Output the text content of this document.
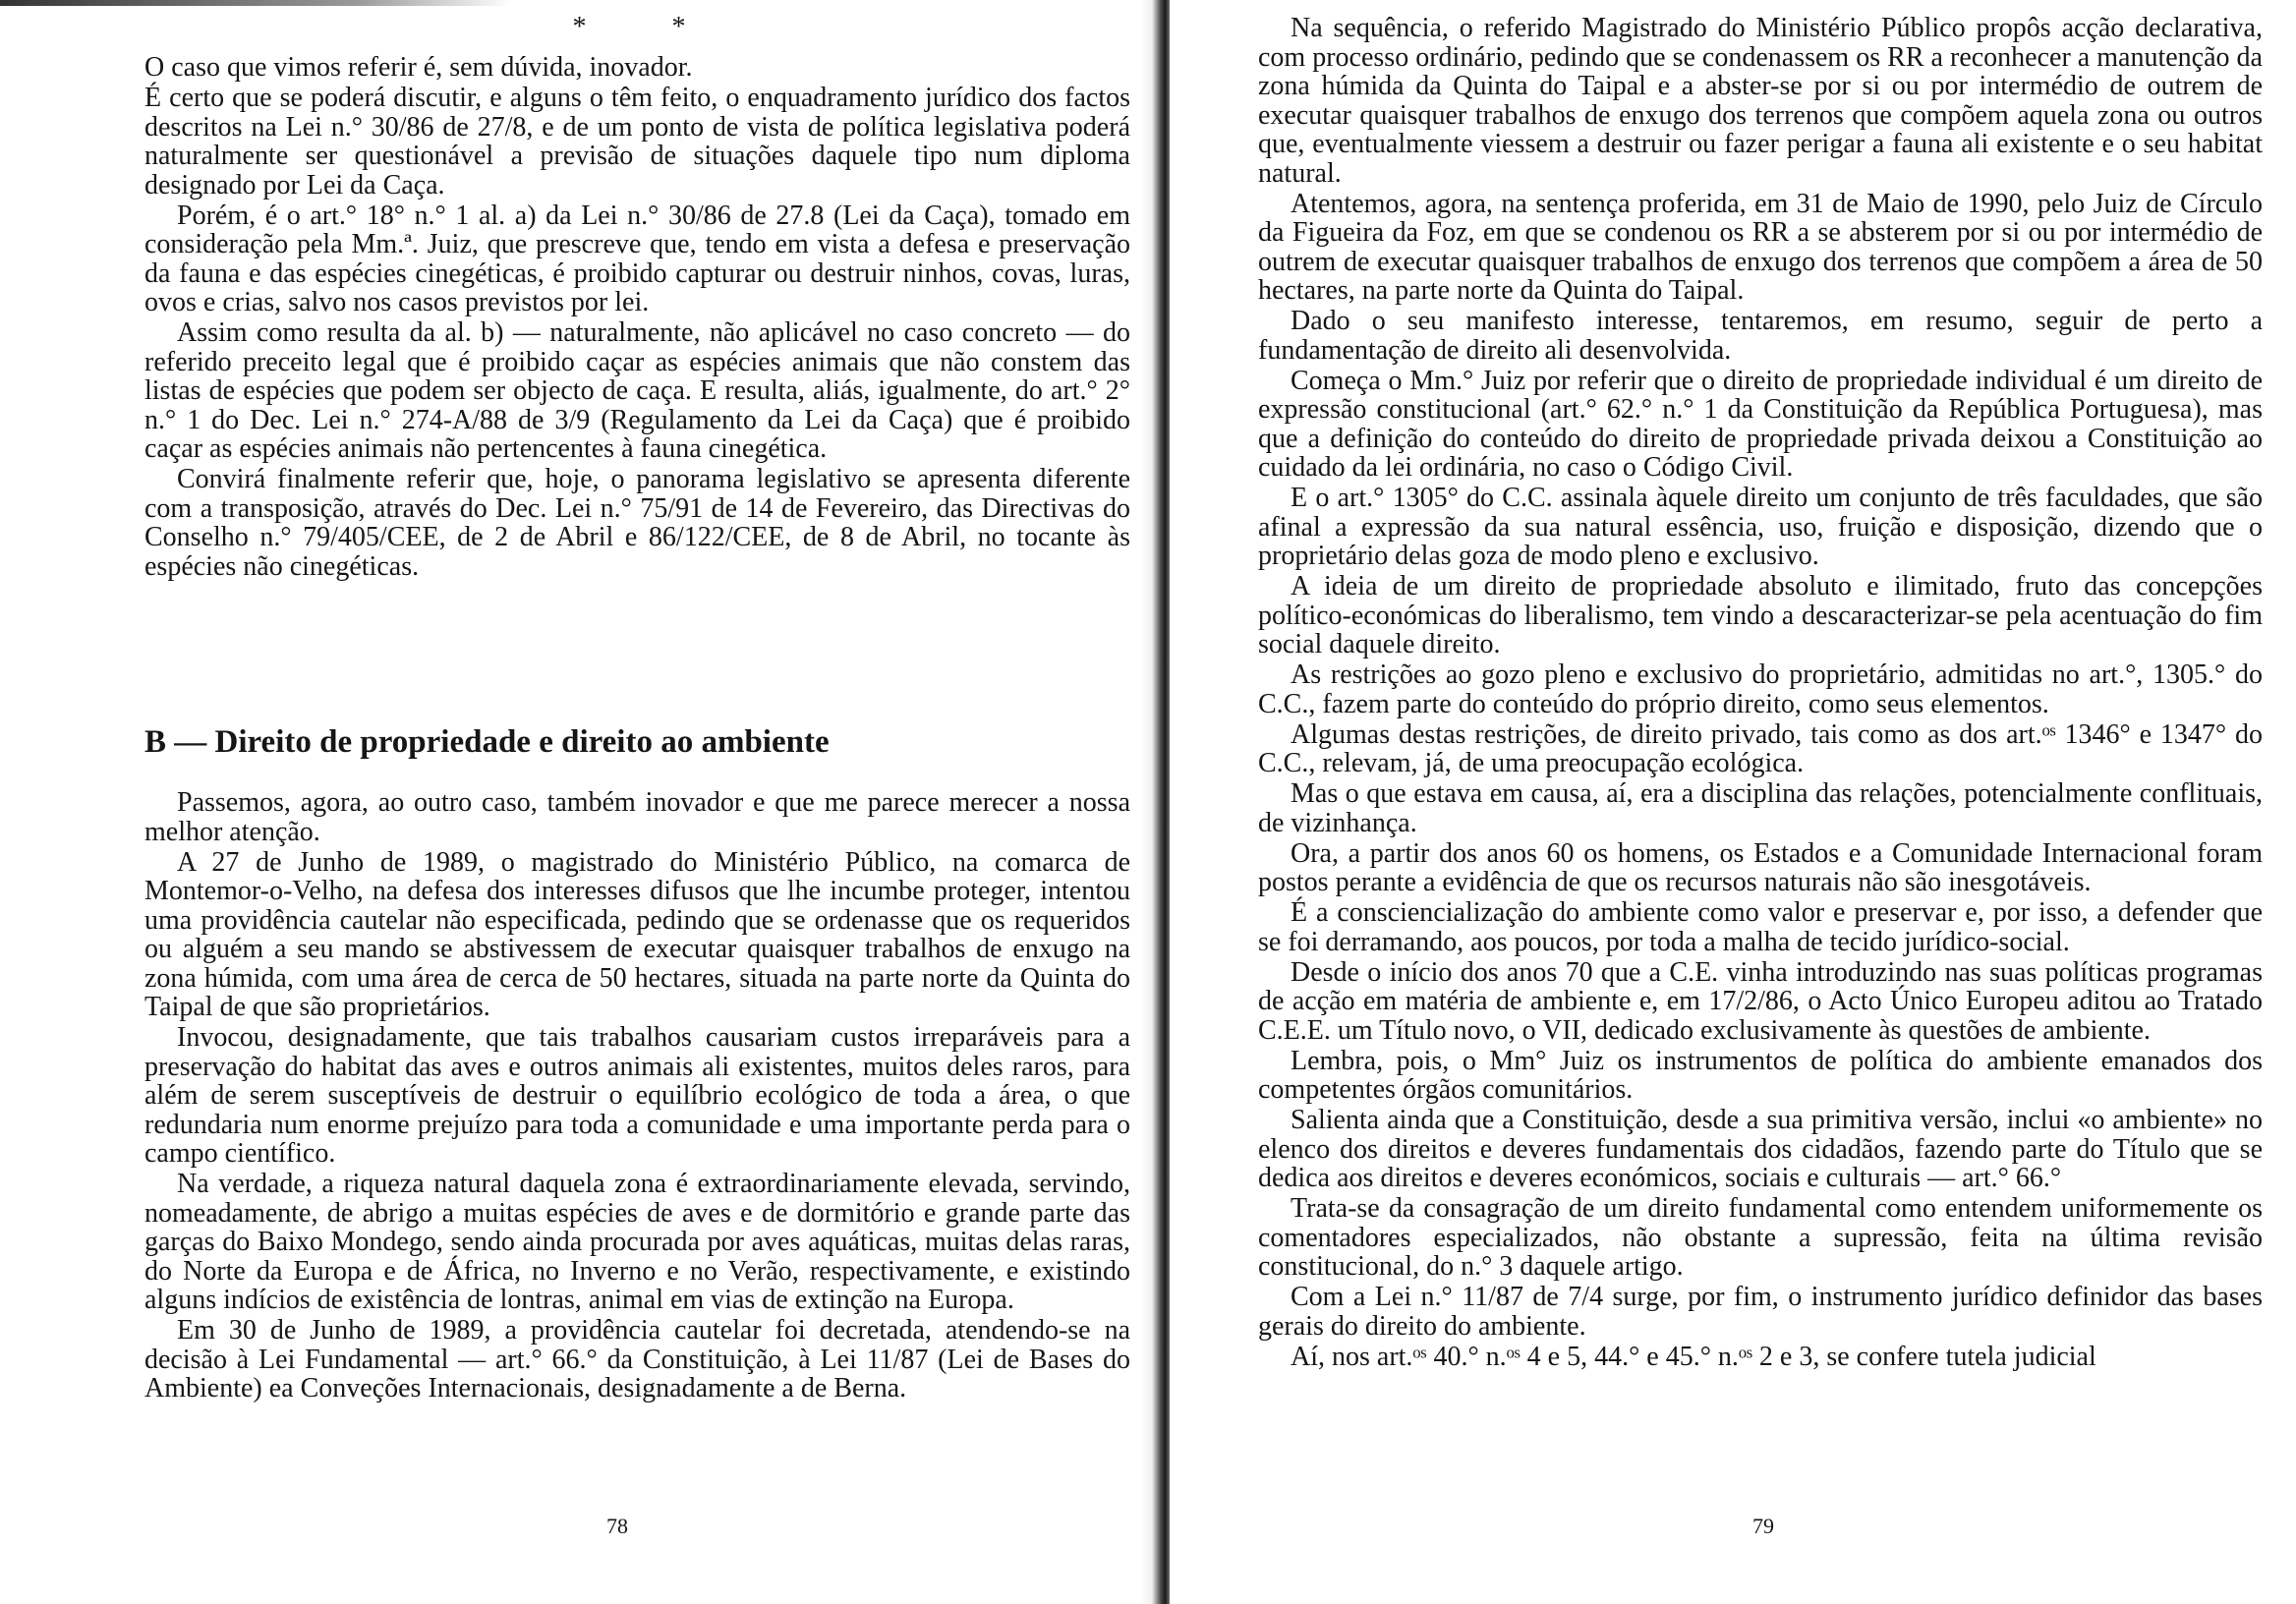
* *

O caso que vimos referir é, sem dúvida, inovador.

É certo que se poderá discutir, e alguns o têm feito, o enquadramento jurídico dos factos descritos na Lei n.° 30/86 de 27/8, e de um ponto de vista de política legislativa poderá naturalmente ser questionável a previsão de situações daquele tipo num diploma designado por Lei da Caça.

Porém, é o art.° 18° n.° 1 al. a) da Lei n.° 30/86 de 27.8 (Lei da Caça), tomado em consideração pela Mm.ª. Juiz, que prescreve que, tendo em vista a defesa e preservação da fauna e das espécies cinegéticas, é proibido capturar ou destruir ninhos, covas, luras, ovos e crias, salvo nos casos previstos por lei.

Assim como resulta da al. b) — naturalmente, não aplicável no caso concreto — do referido preceito legal que é proibido caçar as espécies animais que não constem das listas de espécies que podem ser objecto de caça. E resulta, aliás, igualmente, do art.° 2° n.° 1 do Dec. Lei n.° 274-A/88 de 3/9 (Regulamento da Lei da Caça) que é proibido caçar as espécies animais não pertencentes à fauna cinegética.

Convirá finalmente referir que, hoje, o panorama legislativo se apresenta diferente com a transposição, através do Dec. Lei n.° 75/91 de 14 de Fevereiro, das Directivas do Conselho n.° 79/405/CEE, de 2 de Abril e 86/122/CEE, de 8 de Abril, no tocante às espécies não cinegéticas.

B — Direito de propriedade e direito ao ambiente

Passemos, agora, ao outro caso, também inovador e que me parece merecer a nossa melhor atenção.

A 27 de Junho de 1989, o magistrado do Ministério Público, na comarca de Montemor-o-Velho, na defesa dos interesses difusos que lhe incumbe proteger, intentou uma providência cautelar não especificada, pedindo que se ordenasse que os requeridos ou alguém a seu mando se abstivessem de executar quaisquer trabalhos de enxugo na zona húmida, com uma área de cerca de 50 hectares, situada na parte norte da Quinta do Taipal de que são proprietários.

Invocou, designadamente, que tais trabalhos causariam custos irreparáveis para a preservação do habitat das aves e outros animais ali existentes, muitos deles raros, para além de serem susceptíveis de destruir o equilíbrio ecológico de toda a área, o que redundaria num enorme prejuízo para toda a comunidade e uma importante perda para o campo científico.

Na verdade, a riqueza natural daquela zona é extraordinariamente elevada, servindo, nomeadamente, de abrigo a muitas espécies de aves e de dormitório e grande parte das garças do Baixo Mondego, sendo ainda procurada por aves aquáticas, muitas delas raras, do Norte da Europa e de África, no Inverno e no Verão, respectivamente, e existindo alguns indícios de existência de lontras, animal em vias de extinção na Europa.

Em 30 de Junho de 1989, a providência cautelar foi decretada, atendendo-se na decisão à Lei Fundamental — art.° 66.° da Constituição, à Lei 11/87 (Lei de Bases do Ambiente) ea Conveções Internacionais, designadamente a de Berna.

78

Na sequência, o referido Magistrado do Ministério Público propôs acção declarativa, com processo ordinário, pedindo que se condenassem os RR a reconhecer a manutenção da zona húmida da Quinta do Taipal e a abster-se por si ou por intermédio de outrem de executar quaisquer trabalhos de enxugo dos terrenos que compõem aquela zona ou outros que, eventualmente viessem a destruir ou fazer perigar a fauna ali existente e o seu habitat natural.

Atentemos, agora, na sentença proferida, em 31 de Maio de 1990, pelo Juiz de Círculo da Figueira da Foz, em que se condenou os RR a se absterem por si ou por intermédio de outrem de executar quaisquer trabalhos de enxugo dos terrenos que compõem a área de 50 hectares, na parte norte da Quinta do Taipal.

Dado o seu manifesto interesse, tentaremos, em resumo, seguir de perto a fundamentação de direito ali desenvolvida.

Começa o Mm.° Juiz por referir que o direito de propriedade individual é um direito de expressão constitucional (art.° 62.° n.° 1 da Constituição da República Portuguesa), mas que a definição do conteúdo do direito de propriedade privada deixou a Constituição ao cuidado da lei ordinária, no caso o Código Civil.

E o art.° 1305° do C.C. assinala àquele direito um conjunto de três faculdades, que são afinal a expressão da sua natural essência, uso, fruição e disposição, dizendo que o proprietário delas goza de modo pleno e exclusivo.

A ideia de um direito de propriedade absoluto e ilimitado, fruto das concepções político-económicas do liberalismo, tem vindo a descaracterizar-se pela acentuação do fim social daquele direito.

As restrições ao gozo pleno e exclusivo do proprietário, admitidas no art.°, 1305.° do C.C., fazem parte do conteúdo do próprio direito, como seus elementos.

Algumas destas restrições, de direito privado, tais como as dos art.ᵒˢ 1346° e 1347° do C.C., relevam, já, de uma preocupação ecológica.

Mas o que estava em causa, aí, era a disciplina das relações, potencialmente conflituais, de vizinhança.

Ora, a partir dos anos 60 os homens, os Estados e a Comunidade Internacional foram postos perante a evidência de que os recursos naturais não são inesgotáveis.

É a consciencialização do ambiente como valor e preservar e, por isso, a defender que se foi derramando, aos poucos, por toda a malha de tecido jurídico-social.

Desde o início dos anos 70 que a C.E. vinha introduzindo nas suas políticas programas de acção em matéria de ambiente e, em 17/2/86, o Acto Único Europeu aditou ao Tratado C.E.E. um Título novo, o VII, dedicado exclusivamente às questões de ambiente.

Lembra, pois, o Mm° Juiz os instrumentos de política do ambiente emanados dos competentes órgãos comunitários.

Salienta ainda que a Constituição, desde a sua primitiva versão, inclui «o ambiente» no elenco dos direitos e deveres fundamentais dos cidadãos, fazendo parte do Título que se dedica aos direitos e deveres económicos, sociais e culturais — art.° 66.°

Trata-se da consagração de um direito fundamental como entendem uniformemente os comentadores especializados, não obstante a supressão, feita na última revisão constitucional, do n.° 3 daquele artigo.

Com a Lei n.° 11/87 de 7/4 surge, por fim, o instrumento jurídico definidor das bases gerais do direito do ambiente.

Aí, nos art.ᵒˢ 40.° n.ᵒˢ 4 e 5, 44.° e 45.° n.ᵒˢ 2 e 3, se confere tutela judicial

79
